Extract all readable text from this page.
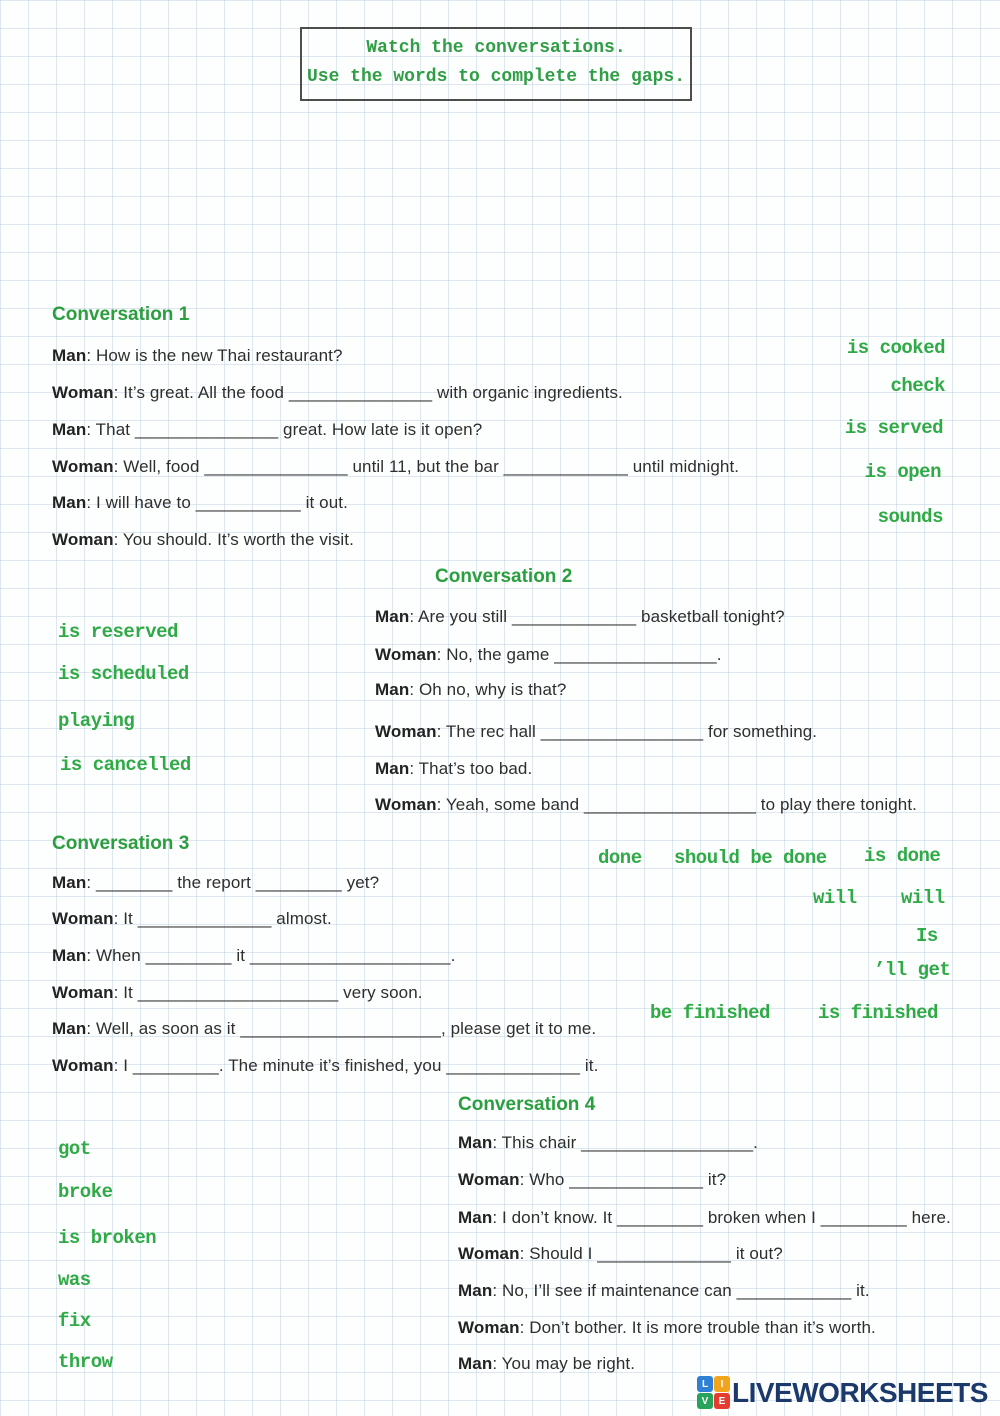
Watch the conversations.
Use the words to complete the gaps.
Conversation 1
Man: How is the new Thai restaurant?
Woman: It’s great. All the food _______________ with organic ingredients.
Man: That _______________ great. How late is it open?
Woman: Well, food _______________ until 11, but the bar _____________ until midnight.
Man: I will have to ___________ it out.
Woman: You should. It’s worth the visit.
is cooked
check
is served
is open
sounds
Conversation 2
Man: Are you still _____________ basketball tonight?
Woman: No, the game _________________.
Man: Oh no, why is that?
Woman: The rec hall _________________ for something.
Man: That’s too bad.
Woman: Yeah, some band __________________ to play there tonight.
is reserved
is scheduled
playing
is cancelled
Conversation 3
Man: ________ the report _________ yet?
Woman: It ______________ almost.
Man: When _________ it _____________________.
Woman: It _____________________ very soon.
Man: Well, as soon as it _____________________, please get it to me.
Woman: I _________. The minute it’s finished, you ______________ it.
done should be done is done
will will
Is
’ll get
be finished	is finished
Conversation 4
Man: This chair __________________.
Woman: Who ______________ it?
Man: I don’t know. It _________ broken when I _________ here.
Woman: Should I ______________ it out?
Man: No, I’ll see if maintenance can ____________ it.
Woman: Don’t bother. It is more trouble than it’s worth.
Man: You may be right.
got
broke
is broken
was
fix
throw
L	I
V	E LIVEWORKSHEETS
